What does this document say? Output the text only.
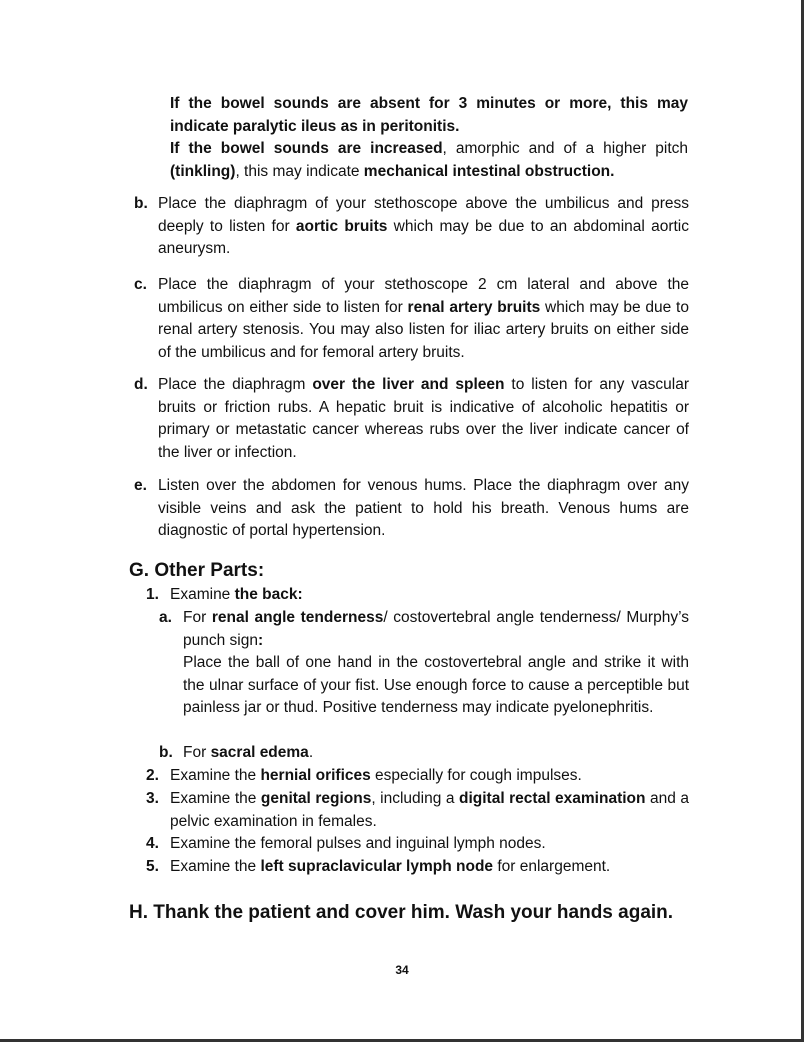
If the bowel sounds are absent for 3 minutes or more, this may indicate paralytic ileus as in peritonitis.

If the bowel sounds are increased, amorphic and of a higher pitch (tinkling), this may indicate mechanical intestinal obstruction.

b. Place the diaphragm of your stethoscope above the umbilicus and press deeply to listen for aortic bruits which may be due to an abdominal aortic aneurysm.

c. Place the diaphragm of your stethoscope 2 cm lateral and above the umbilicus on either side to listen for renal artery bruits which may be due to renal artery stenosis. You may also listen for iliac artery bruits on either side of the umbilicus and for femoral artery bruits.

d. Place the diaphragm over the liver and spleen to listen for any vascular bruits or friction rubs. A hepatic bruit is indicative of alcoholic hepatitis or primary or metastatic cancer whereas rubs over the liver indicate cancer of the liver or infection.

e. Listen over the abdomen for venous hums. Place the diaphragm over any visible veins and ask the patient to hold his breath. Venous hums are diagnostic of portal hypertension.

G. Other Parts:
1. Examine the back:

a. For renal angle tenderness/ costovertebral angle tenderness/ Murphy’s punch sign:

Place the ball of one hand in the costovertebral angle and strike it with the ulnar surface of your fist. Use enough force to cause a perceptible but painless jar or thud. Positive tenderness may indicate pyelonephritis.

b. For sacral edema.

2. Examine the hernial orifices especially for cough impulses.

3. Examine the genital regions, including a digital rectal examination and a pelvic examination in females.

4. Examine the femoral pulses and inguinal lymph nodes.

5. Examine the left supraclavicular lymph node for enlargement.

H. Thank the patient and cover him. Wash your hands again.
34
